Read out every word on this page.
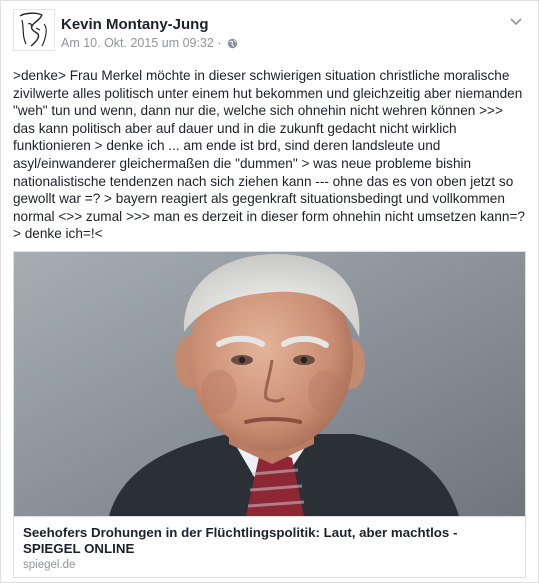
Kevin Montany-Jung
Am 10. Okt. 2015 um 09:32 ·

>denke> Frau Merkel möchte in dieser schwierigen situation christliche moralische zivilwerte alles politisch unter einem hut bekommen und gleichzeitig aber niemanden "weh" tun und wenn, dann nur die, welche sich ohnehin nicht wehren können >>> das kann politisch aber auf dauer und in die zukunft gedacht nicht wirklich funktionieren > denke ich ... am ende ist brd, sind deren landsleute und asyl/einwanderer gleichermaßen die "dummen" > was neue probleme bishin nationalistische tendenzen nach sich ziehen kann --- ohne das es von oben jetzt so gewollt war =? > bayern reagiert als gegenkraft situationsbedingt und vollkommen normal <>> zumal >>> man es derzeit in dieser form ohnehin nicht umsetzen kann=?> denke ich=!<

Seehofers Drohungen in der Flüchtlingspolitik: Laut, aber machtlos - SPIEGEL ONLINE
spiegel.de
